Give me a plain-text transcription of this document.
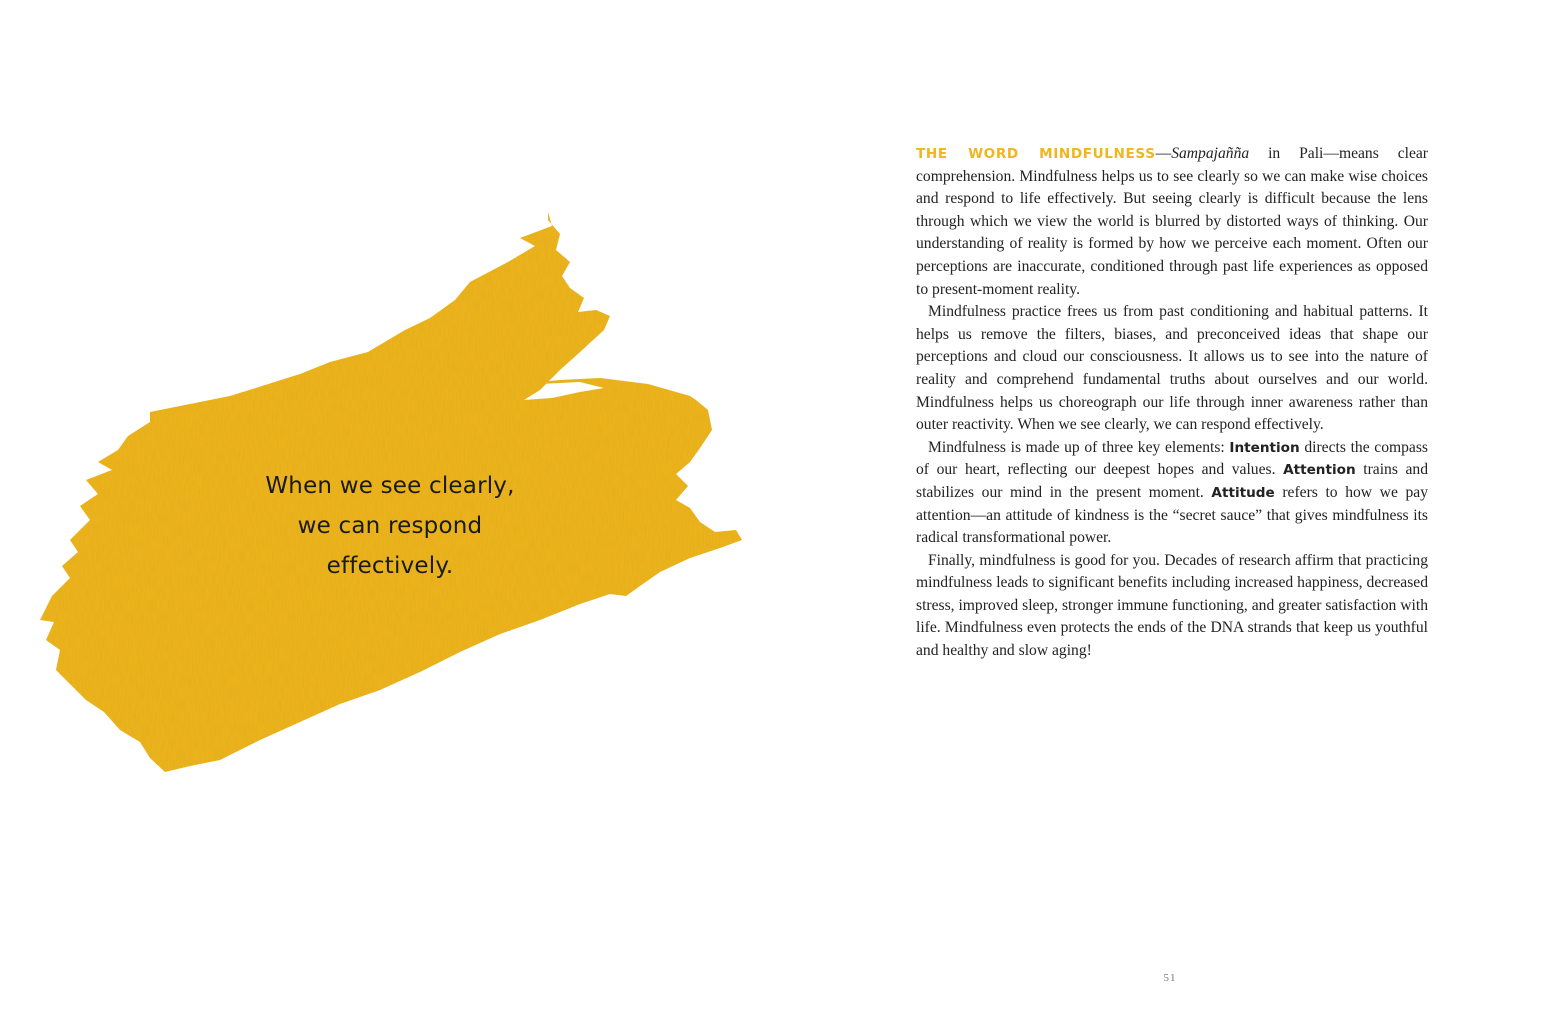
When we see clearly,
we can respond
effectively.

THE WORD MINDFULNESS—Sampajañña in Pali—means clear comprehension. Mindfulness helps us to see clearly so we can make wise choices and respond to life effectively. But seeing clearly is difficult because the lens through which we view the world is blurred by distorted ways of thinking. Our understanding of reality is formed by how we perceive each moment. Often our perceptions are inaccurate, conditioned through past life experiences as opposed to present-moment reality.

Mindfulness practice frees us from past conditioning and habitual patterns. It helps us remove the filters, biases, and preconceived ideas that shape our perceptions and cloud our consciousness. It allows us to see into the nature of reality and comprehend fundamental truths about ourselves and our world. Mindfulness helps us choreograph our life through inner awareness rather than outer reactivity. When we see clearly, we can respond effectively.

Mindfulness is made up of three key elements: Intention directs the compass of our heart, reflecting our deepest hopes and values. Attention trains and stabilizes our mind in the present moment. Attitude refers to how we pay attention—an attitude of kindness is the “secret sauce” that gives mindfulness its radical transformational power.

Finally, mindfulness is good for you. Decades of research affirm that practicing mindfulness leads to significant benefits including increased happiness, decreased stress, improved sleep, stronger immune functioning, and greater satisfaction with life. Mindfulness even protects the ends of the DNA strands that keep us youthful and healthy and slow aging!

51
